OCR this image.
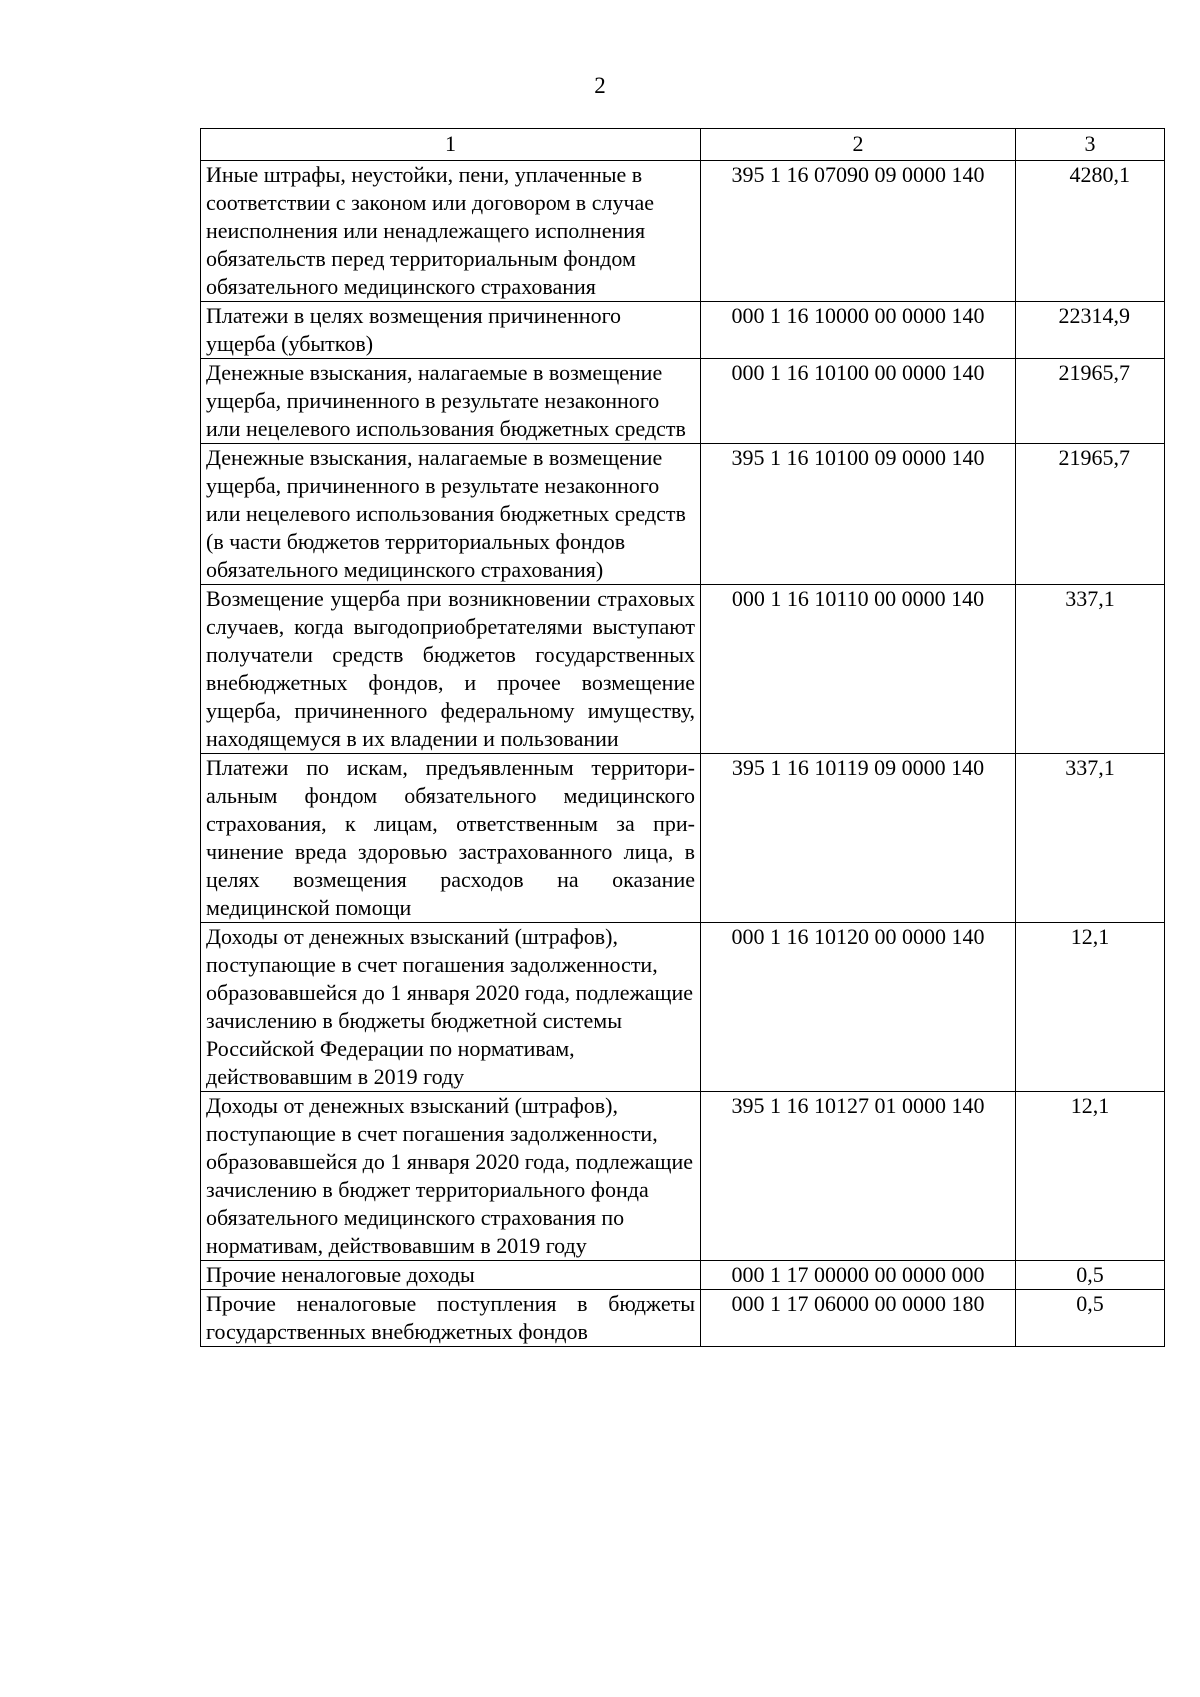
2
1	2	3
Иные штрафы, неустойки, пени, уплаченные в соответствии с законом или договором в случае неисполнения или ненадлежащего исполнения обязательств перед территориальным фондом обязательного медицинского страхования	395 1 16 07090 09 0000 140	4280,1
Платежи в целях возмещения причиненного ущерба (убытков)	000 1 16 10000 00 0000 140	22314,9
Денежные взыскания, налагаемые в возмещение ущерба, причиненного в результате незаконного или нецелевого использования бюджетных средств	000 1 16 10100 00 0000 140	21965,7
Денежные взыскания, налагаемые в возмещение ущерба, причиненного в результате незаконного или нецелевого использования бюджетных средств (в части бюджетов территориальных фондов обязательного медицинского страхования)	395 1 16 10100 09 0000 140	21965,7
Возмещение ущерба при возникновении страховых случаев, когда выгодоприобретателями выступают получатели средств бюджетов государственных внебюджетных фондов, и прочее возмещение ущерба, причиненного федеральному имуществу, находящемуся в их владении и пользовании	000 1 16 10110 00 0000 140	337,1
Платежи по искам, предъявленным территориальным фондом обязательного медицинского страхования, к лицам, ответственным за причинение вреда здоровью застрахованного лица, в целях возмещения расходов на оказание медицинской помощи	395 1 16 10119 09 0000 140	337,1
Доходы от денежных взысканий (штрафов), поступающие в счет погашения задолженности, образовавшейся до 1 января 2020 года, подлежащие зачислению в бюджеты бюджетной системы Российской Федерации по нормативам, действовавшим в 2019 году	000 1 16 10120 00 0000 140	12,1
Доходы от денежных взысканий (штрафов), поступающие в счет погашения задолженности, образовавшейся до 1 января 2020 года, подлежащие зачислению в бюджет территориального фонда обязательного медицинского страхования по нормативам, действовавшим в 2019 году	395 1 16 10127 01 0000 140	12,1
Прочие неналоговые доходы	000 1 17 00000 00 0000 000	0,5
Прочие неналоговые поступления в бюджеты государственных внебюджетных фондов	000 1 17 06000 00 0000 180	0,5
